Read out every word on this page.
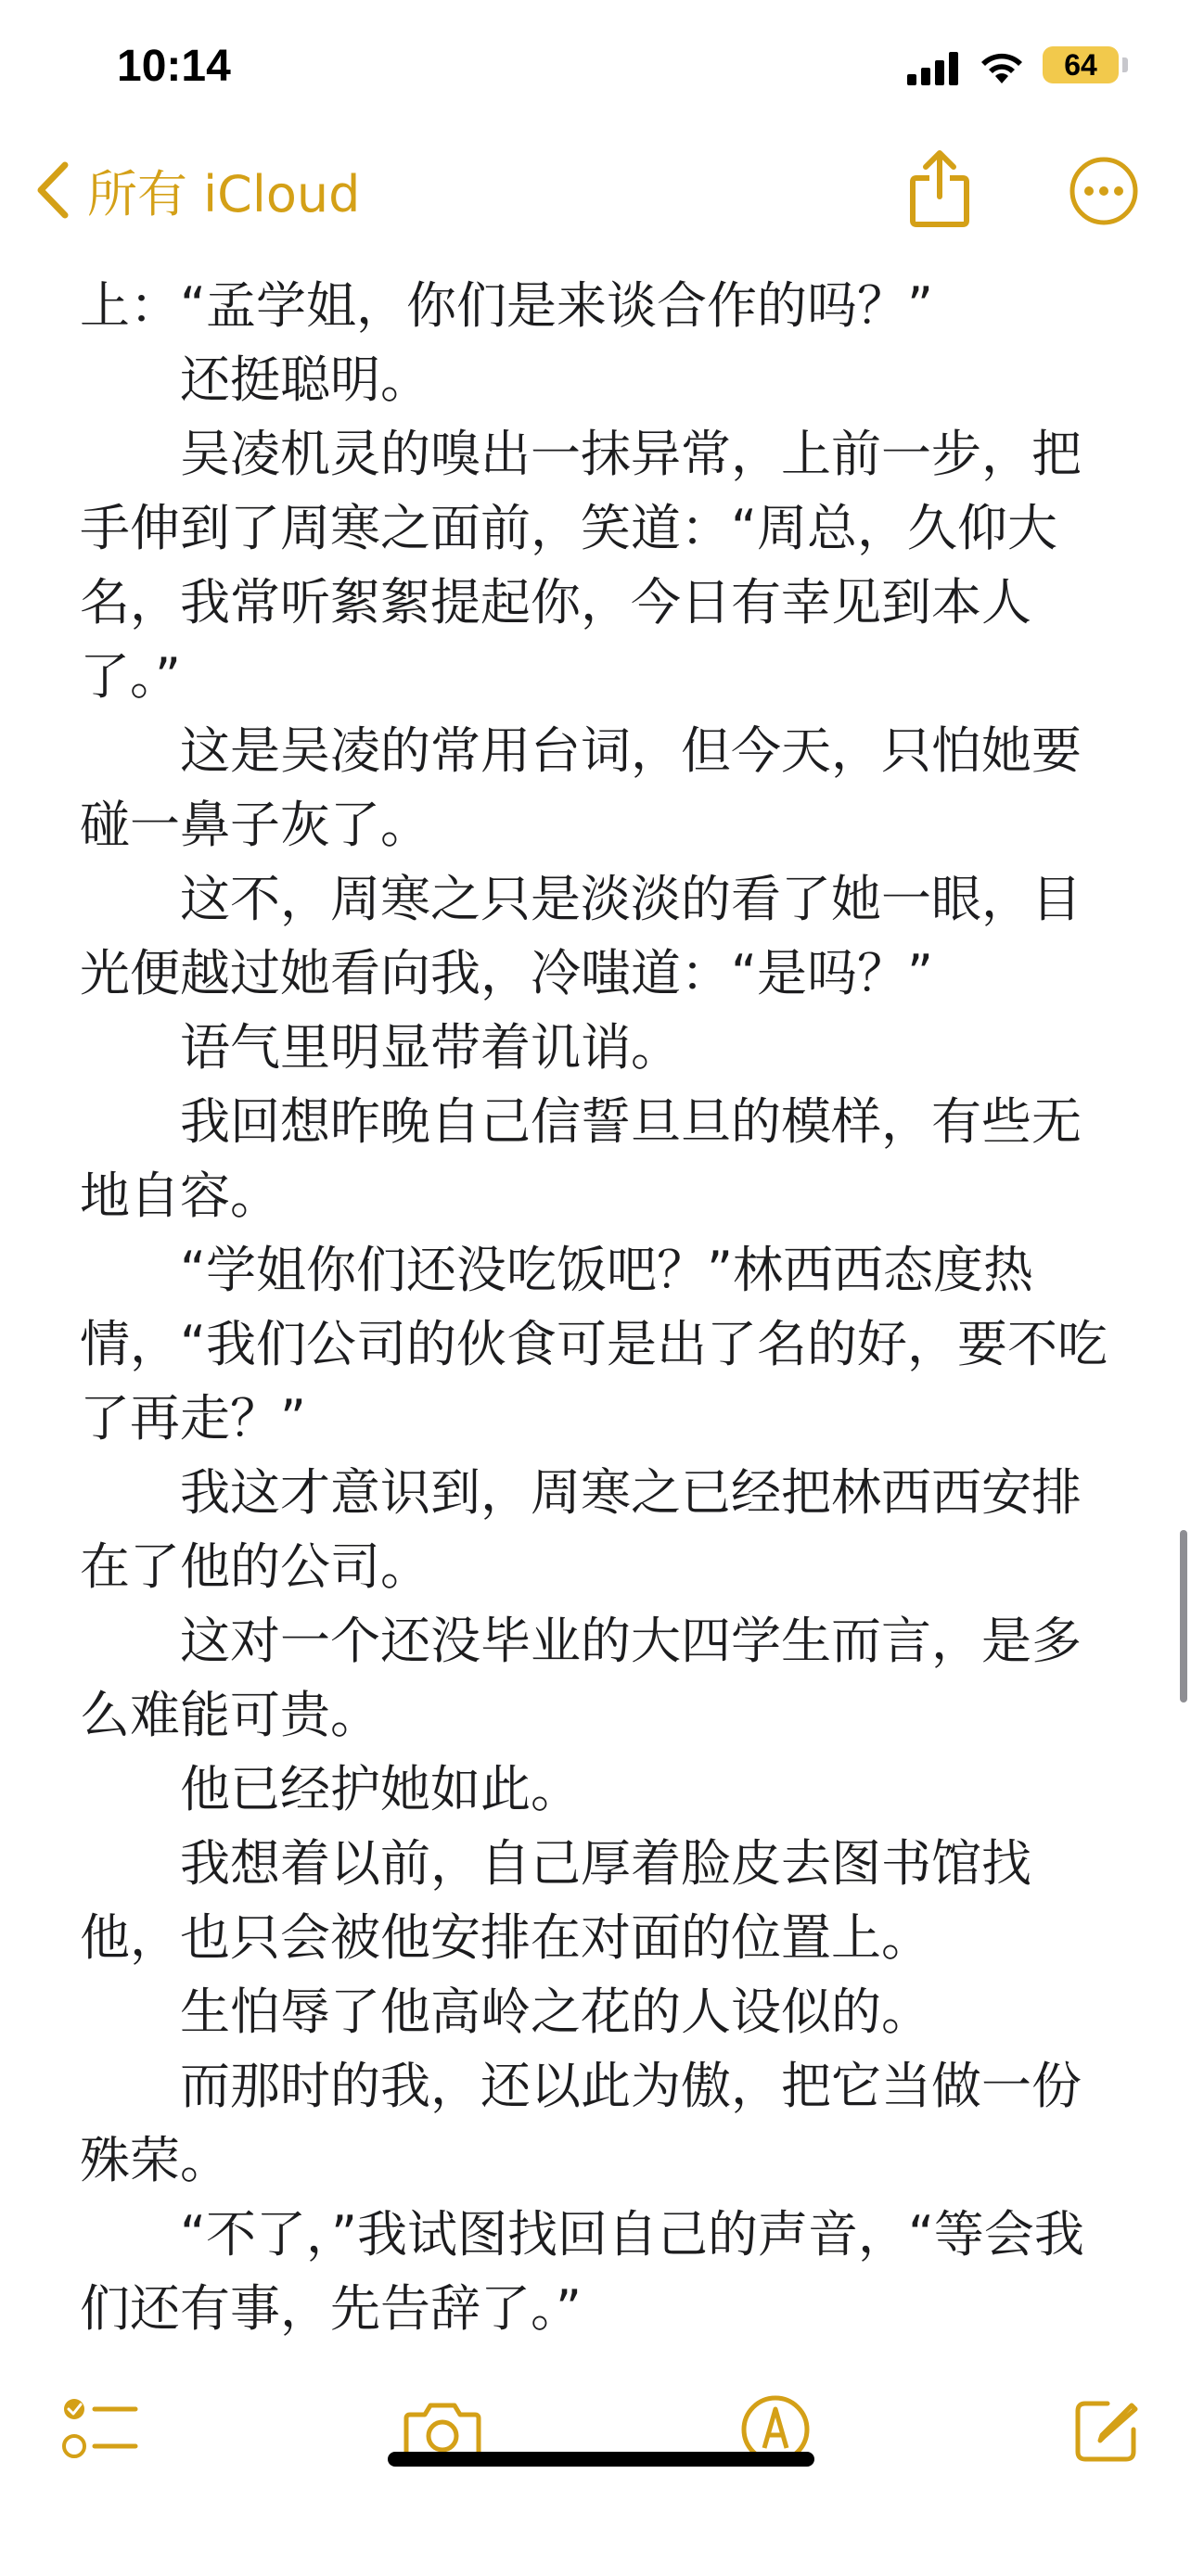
10:14	64
所有 iCloud

上：“孟学姐，你们是来谈合作的吗？”

还挺聪明。

吴凌机灵的嗅出一抹异常，上前一步，把手伸到了周寒之面前，笑道：“周总，久仰大名，我常听絮絮提起你，今日有幸见到本人了。”

这是吴凌的常用台词，但今天，只怕她要碰一鼻子灰了。

这不，周寒之只是淡淡的看了她一眼，目光便越过她看向我，冷嗤道：“是吗？”

语气里明显带着讥诮。

我回想昨晚自己信誓旦旦的模样，有些无地自容。

“学姐你们还没吃饭吧？”林西西态度热情，“我们公司的伙食可是出了名的好，要不吃了再走？”

我这才意识到，周寒之已经把林西西安排在了他的公司。

这对一个还没毕业的大四学生而言，是多么难能可贵。

他已经护她如此。

我想着以前，自己厚着脸皮去图书馆找他，也只会被他安排在对面的位置上。

生怕辱了他高岭之花的人设似的。

而那时的我，还以此为傲，把它当做一份殊荣。

“不了，”我试图找回自己的声音，“等会我们还有事，先告辞了。”
